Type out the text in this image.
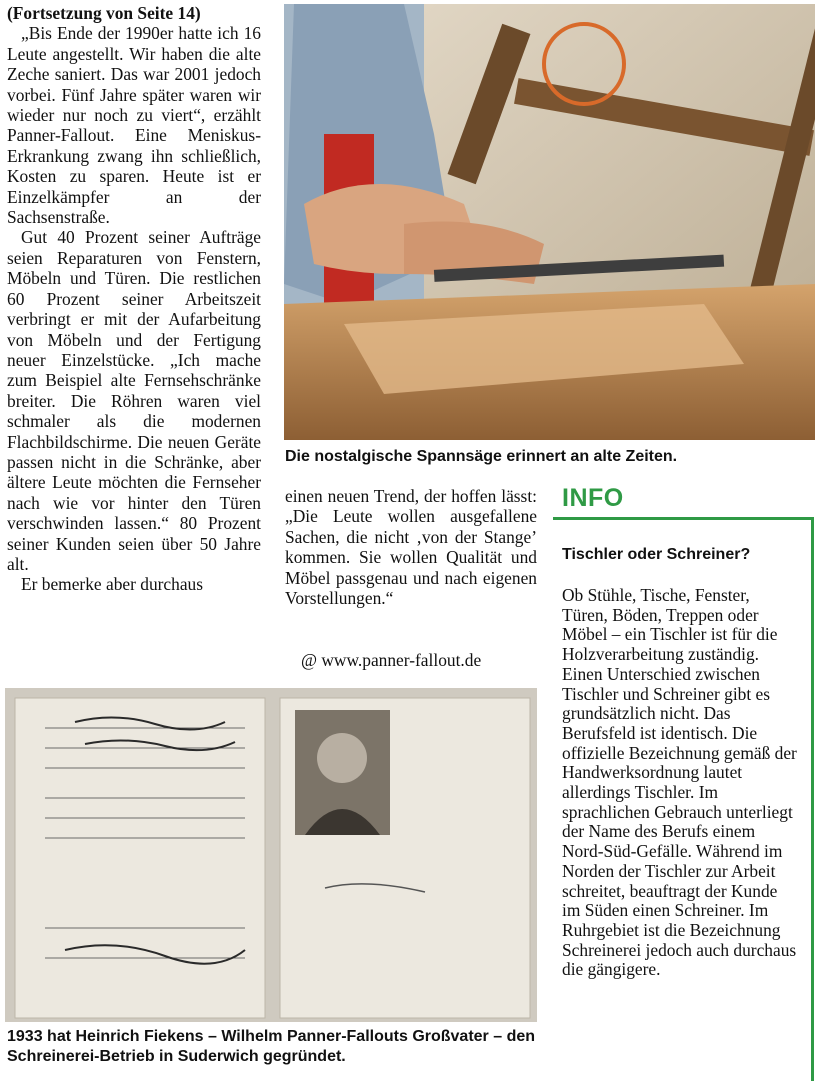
(Fortsetzung von Seite 14)

„Bis Ende der 1990er hatte ich 16 Leute angestellt. Wir haben die alte Zeche saniert. Das war 2001 jedoch vorbei. Fünf Jahre später waren wir wieder nur noch zu viert“, erzählt Panner-Fallout. Eine Meniskus-Erkrankung zwang ihn schließlich, Kosten zu sparen. Heute ist er Einzelkämpfer an der Sachsenstraße.

Gut 40 Prozent seiner Aufträge seien Reparaturen von Fenstern, Möbeln und Türen. Die restlichen 60 Prozent seiner Arbeitszeit verbringt er mit der Aufarbeitung von Möbeln und der Fertigung neuer Einzelstücke. „Ich mache zum Beispiel alte Fernsehschränke breiter. Die Röhren waren viel schmaler als die modernen Flachbildschirme. Die neuen Geräte passen nicht in die Schränke, aber ältere Leute möchten die Fernseher nach wie vor hinter den Türen verschwinden lassen.“ 80 Prozent seiner Kunden seien über 50 Jahre alt.

Er bemerke aber durchaus

Die nostalgische Spannsäge erinnert an alte Zeiten.

einen neuen Trend, der hoffen lässt: „Die Leute wollen ausgefallene Sachen, die nicht ‚von der Stange’ kommen. Sie wollen Qualität und Möbel passgenau und nach eigenen Vorstellungen.“

@ www.panner-fallout.de
1933 hat Heinrich Fiekens – Wilhelm Panner-Fallouts Großvater – den Schreinerei-Betrieb in Suderwich gegründet.
INFO
Tischler oder Schreiner?
Ob Stühle, Tische, Fenster, Türen, Böden, Treppen oder Möbel – ein Tischler ist für die Holzverarbeitung zuständig. Einen Unterschied zwischen Tischler und Schreiner gibt es grundsätzlich nicht. Das Berufsfeld ist identisch. Die offizielle Bezeichnung gemäß der Handwerksordnung lautet allerdings Tischler. Im sprachlichen Gebrauch unterliegt der Name des Berufs einem Nord-Süd-Gefälle. Während im Norden der Tischler zur Arbeit schreitet, beauftragt der Kunde im Süden einen Schreiner. Im Ruhrgebiet ist die Bezeichnung Schreinerei jedoch auch durchaus die gängigere.
